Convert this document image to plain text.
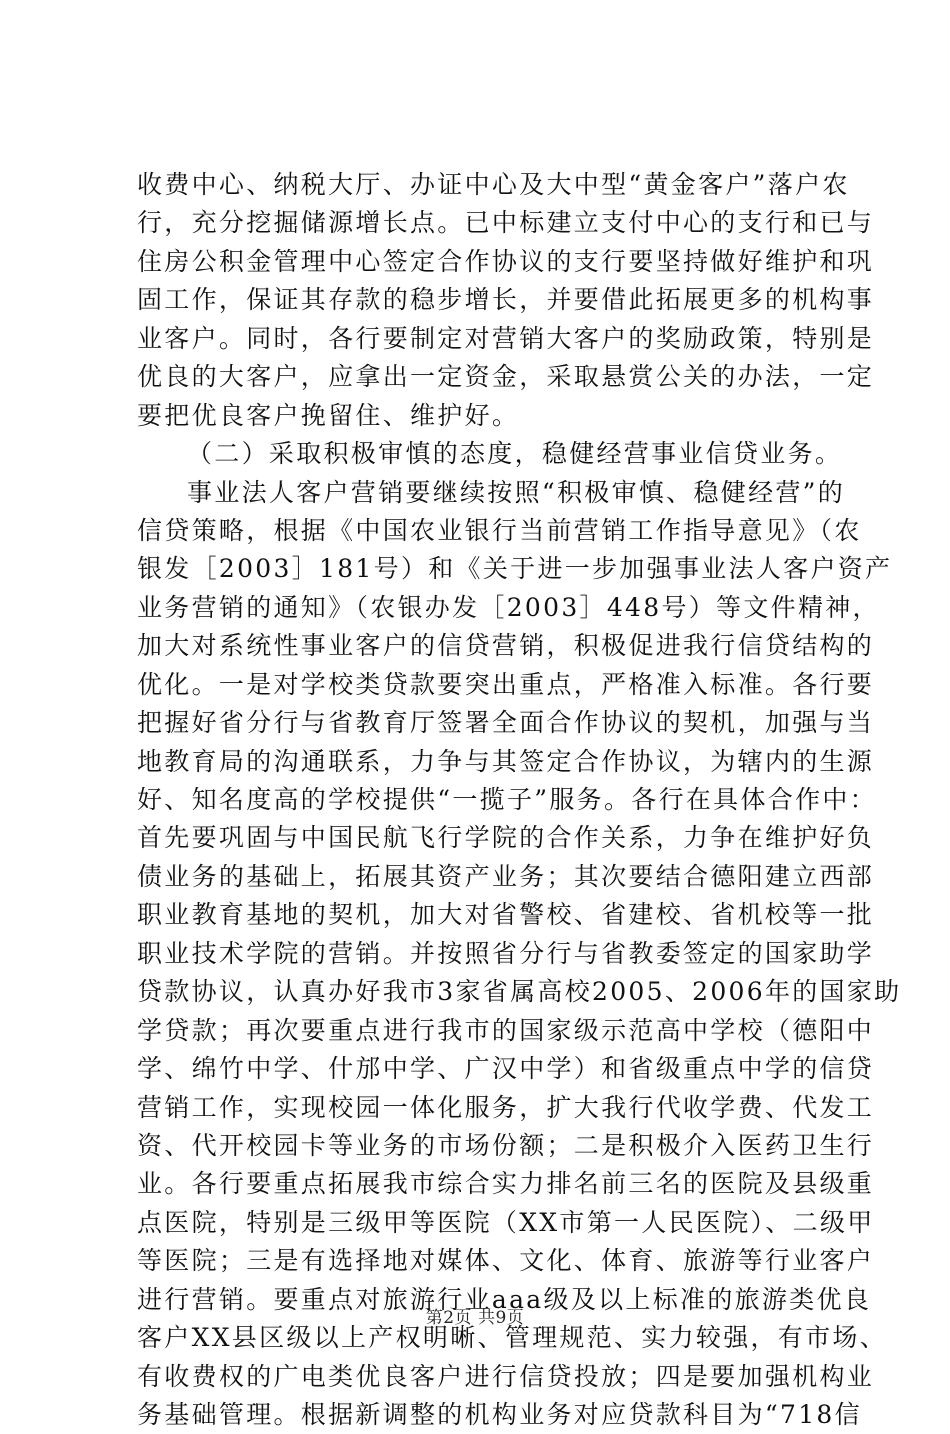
收费中心、纳税大厅、办证中心及大中型“黄金客户”落户农
行，充分挖掘储源增长点。已中标建立支付中心的支行和已与
住房公积金管理中心签定合作协议的支行要坚持做好维护和巩
固工作，保证其存款的稳步增长，并要借此拓展更多的机构事
业客户。同时，各行要制定对营销大客户的奖励政策，特别是
优良的大客户，应拿出一定资金，采取悬赏公关的办法，一定
要把优良客户挽留住、维护好。
（二）采取积极审慎的态度，稳健经营事业信贷业务。
事业法人客户营销要继续按照“积极审慎、稳健经营”的
信贷策略，根据《中国农业银行当前营销工作指导意见》（农
银发［2003］181号）和《关于进一步加强事业法人客户资产
业务营销的通知》（农银办发［2003］448号）等文件精神，
加大对系统性事业客户的信贷营销，积极促进我行信贷结构的
优化。一是对学校类贷款要突出重点，严格准入标准。各行要
把握好省分行与省教育厅签署全面合作协议的契机，加强与当
地教育局的沟通联系，力争与其签定合作协议，为辖内的生源
好、知名度高的学校提供“一揽子”服务。各行在具体合作中：
首先要巩固与中国民航飞行学院的合作关系，力争在维护好负
债业务的基础上，拓展其资产业务；其次要结合德阳建立西部
职业教育基地的契机，加大对省警校、省建校、省机校等一批
职业技术学院的营销。并按照省分行与省教委签定的国家助学
贷款协议，认真办好我市3家省属高校2005、2006年的国家助
学贷款；再次要重点进行我市的国家级示范高中学校（德阳中
学、绵竹中学、什邡中学、广汉中学）和省级重点中学的信贷
营销工作，实现校园一体化服务，扩大我行代收学费、代发工
资、代开校园卡等业务的市场份额；二是积极介入医药卫生行
业。各行要重点拓展我市综合实力排名前三名的医院及县级重
点医院，特别是三级甲等医院（XX市第一人民医院）、二级甲
等医院；三是有选择地对媒体、文化、体育、旅游等行业客户
进行营销。要重点对旅游行业aaa级及以上标准的旅游类优良
客户XX县区级以上产权明晰、管理规范、实力较强，有市场、
有收费权的广电类优良客户进行信贷投放；四是要加强机构业
务基础管理。根据新调整的机构业务对应贷款科目为“718信
第2页 共9页
